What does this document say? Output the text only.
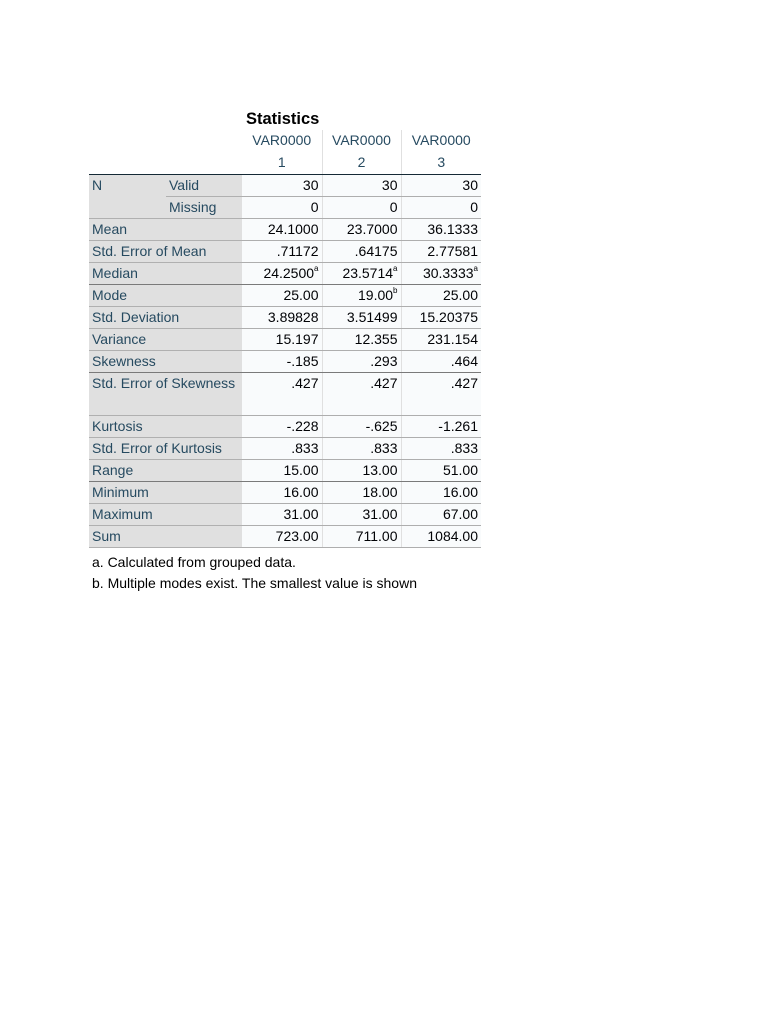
Statistics
		VAR0000	VAR0000	VAR0000
		1	2	3
N	Valid	30	30	30
	Missing	0	0	0
Mean		24.1000	23.7000	36.1333
Std. Error of Mean		.71172	.64175	2.77581
Median		24.2500$^a$	23.5714$^a$	30.3333$^a$
Mode		25.00	19.00$^b$	25.00
Std. Deviation		3.89828	3.51499	15.20375
Variance		15.197	12.355	231.154
Skewness		-.185	.293	.464
Std. Error of Skewness		.427	.427	.427
Kurtosis		-.228	-.625	-1.261
Std. Error of Kurtosis		.833	.833	.833
Range		15.00	13.00	51.00
Minimum		16.00	18.00	16.00
Maximum		31.00	31.00	67.00
Sum		723.00	711.00	1084.00
a. Calculated from grouped data.
b. Multiple modes exist. The smallest value is shown
